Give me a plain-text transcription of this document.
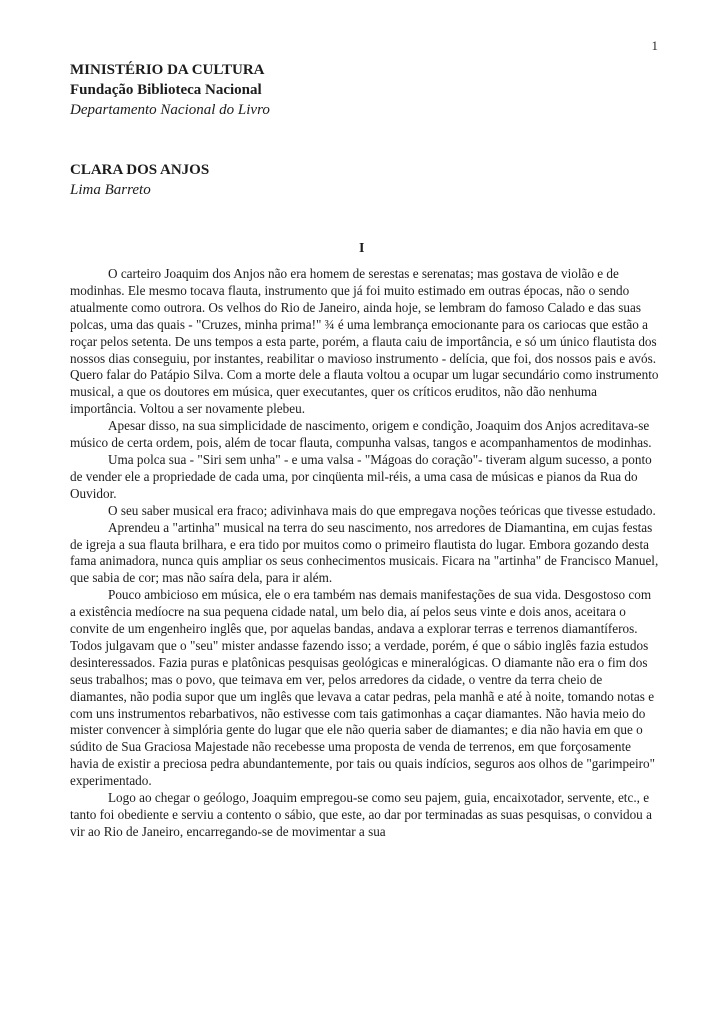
1
MINISTÉRIO DA CULTURA
Fundação Biblioteca Nacional
Departamento Nacional do Livro
CLARA DOS ANJOS
Lima Barreto
I

O carteiro Joaquim dos Anjos não era homem de serestas e serenatas; mas gostava de violão e de modinhas. Ele mesmo tocava flauta, instrumento que já foi muito estimado em outras épocas, não o sendo atualmente como outrora. Os velhos do Rio de Janeiro, ainda hoje, se lembram do famoso Calado e das suas polcas, uma das quais - "Cruzes, minha prima!" ¾ é uma lembrança emocionante para os cariocas que estão a roçar pelos setenta. De uns tempos a esta parte, porém, a flauta caiu de importância, e só um único flautista dos nossos dias conseguiu, por instantes, reabilitar o mavioso instrumento - delícia, que foi, dos nossos pais e avós. Quero falar do Patápio Silva. Com a morte dele a flauta voltou a ocupar um lugar secundário como instrumento musical, a que os doutores em música, quer executantes, quer os críticos eruditos, não dão nenhuma importância. Voltou a ser novamente plebeu.

Apesar disso, na sua simplicidade de nascimento, origem e condição, Joaquim dos Anjos acreditava-se músico de certa ordem, pois, além de tocar flauta, compunha valsas, tangos e acompanhamentos de modinhas.

Uma polca sua - "Siri sem unha" - e uma valsa - "Mágoas do coração"- tiveram algum sucesso, a ponto de vender ele a propriedade de cada uma, por cinqüenta mil-réis, a uma casa de músicas e pianos da Rua do Ouvidor.

O seu saber musical era fraco; adivinhava mais do que empregava noções teóricas que tivesse estudado.

Aprendeu a "artinha" musical na terra do seu nascimento, nos arredores de Diamantina, em cujas festas de igreja a sua flauta brilhara, e era tido por muitos como o primeiro flautista do lugar. Embora gozando desta fama animadora, nunca quis ampliar os seus conhecimentos musicais. Ficara na "artinha" de Francisco Manuel, que sabia de cor; mas não saíra dela, para ir além.

Pouco ambicioso em música, ele o era também nas demais manifestações de sua vida. Desgostoso com a existência medíocre na sua pequena cidade natal, um belo dia, aí pelos seus vinte e dois anos, aceitara o convite de um engenheiro inglês que, por aquelas bandas, andava a explorar terras e terrenos diamantíferos. Todos julgavam que o "seu" mister andasse fazendo isso; a verdade, porém, é que o sábio inglês fazia estudos desinteressados. Fazia puras e platônicas pesquisas geológicas e mineralógicas. O diamante não era o fim dos seus trabalhos; mas o povo, que teimava em ver, pelos arredores da cidade, o ventre da terra cheio de diamantes, não podia supor que um inglês que levava a catar pedras, pela manhã e até à noite, tomando notas e com uns instrumentos rebarbativos, não estivesse com tais gatimonhas a caçar diamantes. Não havia meio do mister convencer à simplória gente do lugar que ele não queria saber de diamantes; e dia não havia em que o súdito de Sua Graciosa Majestade não recebesse uma proposta de venda de terrenos, em que forçosamente havia de existir a preciosa pedra abundantemente, por tais ou quais indícios, seguros aos olhos de "garimpeiro" experimentado.

Logo ao chegar o geólogo, Joaquim empregou-se como seu pajem, guia, encaixotador, servente, etc., e tanto foi obediente e serviu a contento o sábio, que este, ao dar por terminadas as suas pesquisas, o convidou a vir ao Rio de Janeiro, encarregando-se de movimentar a sua
